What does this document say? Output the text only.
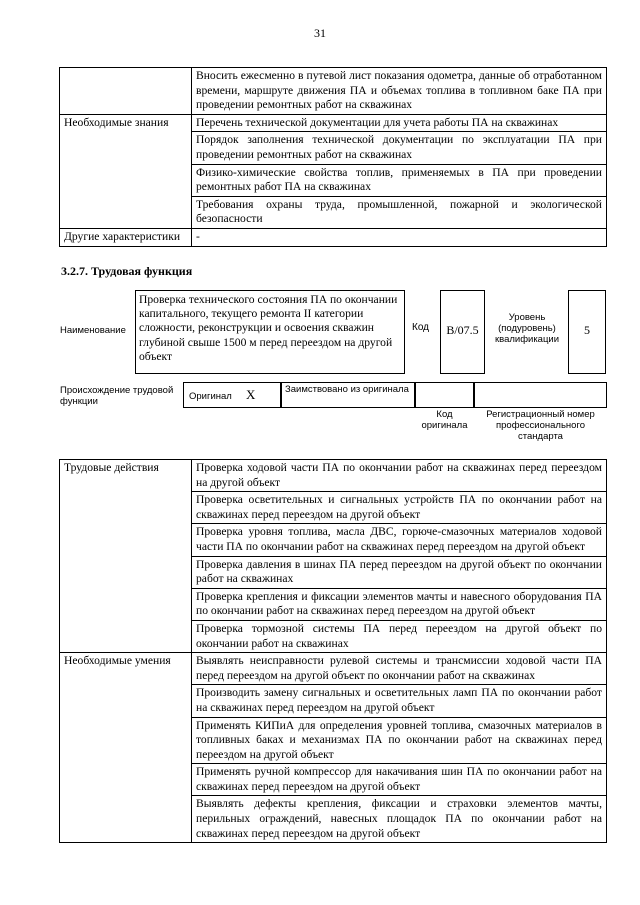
31
	Вносить ежесменно в путевой лист показания одометра, данные об отработанном времени, маршруте движения ПА и объемах топлива в топливном баке ПА при проведении ремонтных работ на скважинах
Необходимые знания	Перечень технической документации для учета работы ПА на скважинах
	Порядок заполнения технической документации по эксплуатации ПА при проведении ремонтных работ на скважинах
	Физико-химические свойства топлив, применяемых в ПА при проведении ремонтных работ ПА на скважинах
	Требования охраны труда, промышленной, пожарной и экологической безопасности
Другие характеристики	-
3.2.7. Трудовая функция
Наименование
Проверка технического состояния ПА по окончании капитального, текущего ремонта II категории сложности, реконструкции и освоения скважин глубиной свыше 1500 м перед переездом на другой объект
Код	В/07.5
Уровень (подуровень) квалификации
5
Происхождение трудовой функции	Оригинал X	Заимствовано из оригинала
Код оригинала
Регистрационный номер профессионального стандарта
Трудовые действия	Проверка ходовой части ПА по окончании работ на скважинах перед переездом на другой объект
	Проверка осветительных и сигнальных устройств ПА по окончании работ на скважинах перед переездом на другой объект
	Проверка уровня топлива, масла ДВС, горюче-смазочных материалов ходовой части ПА по окончании работ на скважинах перед переездом на другой объект
	Проверка давления в шинах ПА перед переездом на другой объект по окончании работ на скважинах
	Проверка крепления и фиксации элементов мачты и навесного оборудования ПА по окончании работ на скважинах перед переездом на другой объект
	Проверка тормозной системы ПА перед переездом на другой объект по окончании работ на скважинах
Необходимые умения	Выявлять неисправности рулевой системы и трансмиссии ходовой части ПА перед переездом на другой объект по окончании работ на скважинах
	Производить замену сигнальных и осветительных ламп ПА по окончании работ на скважинах перед переездом на другой объект
	Применять КИПиА для определения уровней топлива, смазочных материалов в топливных баках и механизмах ПА по окончании работ на скважинах перед переездом на другой объект
	Применять ручной компрессор для накачивания шин ПА по окончании работ на скважинах перед переездом на другой объект
	Выявлять дефекты крепления, фиксации и страховки элементов мачты, перильных ограждений, навесных площадок ПА по окончании работ на скважинах перед переездом на другой объект
